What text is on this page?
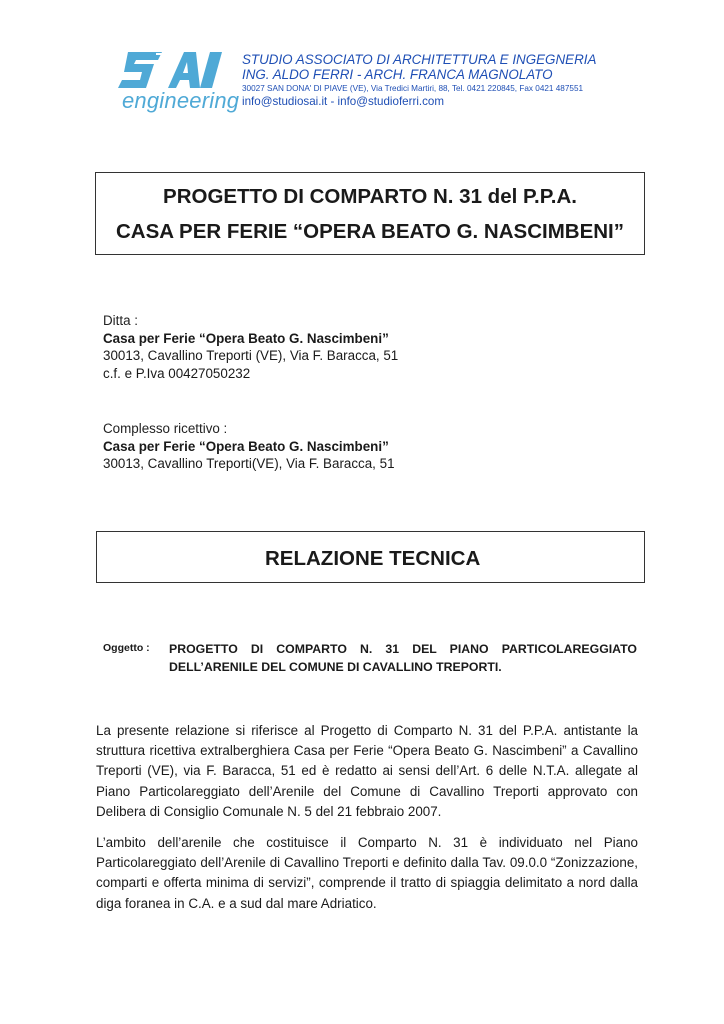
engineering
STUDIO ASSOCIATO DI ARCHITETTURA E INGEGNERIA
ING. ALDO FERRI - ARCH. FRANCA MAGNOLATO
30027 SAN DONA' DI PIAVE (VE), Via Tredici Martiri, 88, Tel. 0421 220845, Fax 0421 487551
info@studiosai.it - info@studioferri.com
PROGETTO DI COMPARTO N. 31 del P.P.A.
CASA PER FERIE “OPERA BEATO G. NASCIMBENI”
Ditta :
Casa per Ferie “Opera Beato G. Nascimbeni”
30013, Cavallino Treporti (VE), Via F. Baracca, 51
c.f. e P.Iva 00427050232
Complesso ricettivo :
Casa per Ferie “Opera Beato G. Nascimbeni”
30013, Cavallino Treporti(VE), Via F. Baracca, 51
RELAZIONE TECNICA
Oggetto : PROGETTO DI COMPARTO N. 31 DEL PIANO PARTICOLAREGGIATO
DELL’ARENILE DEL COMUNE DI CAVALLINO TREPORTI.
La presente relazione si riferisce al Progetto di Comparto N. 31 del P.P.A. antistante la struttura ricettiva extralberghiera Casa per Ferie “Opera Beato G. Nascimbeni” a Cavallino Treporti (VE), via F. Baracca, 51 ed è redatto ai sensi dell’Art. 6 delle N.T.A. allegate al Piano Particolareggiato dell’Arenile del Comune di Cavallino Treporti approvato con Delibera di Consiglio Comunale N. 5 del 21 febbraio 2007.
L’ambito dell’arenile che costituisce il Comparto N. 31 è individuato nel Piano Particolareggiato dell’Arenile di Cavallino Treporti e definito dalla Tav. 09.0.0 “Zonizzazione, comparti e offerta minima di servizi”, comprende il tratto di spiaggia delimitato a nord dalla diga foranea in C.A. e a sud dal mare Adriatico.
